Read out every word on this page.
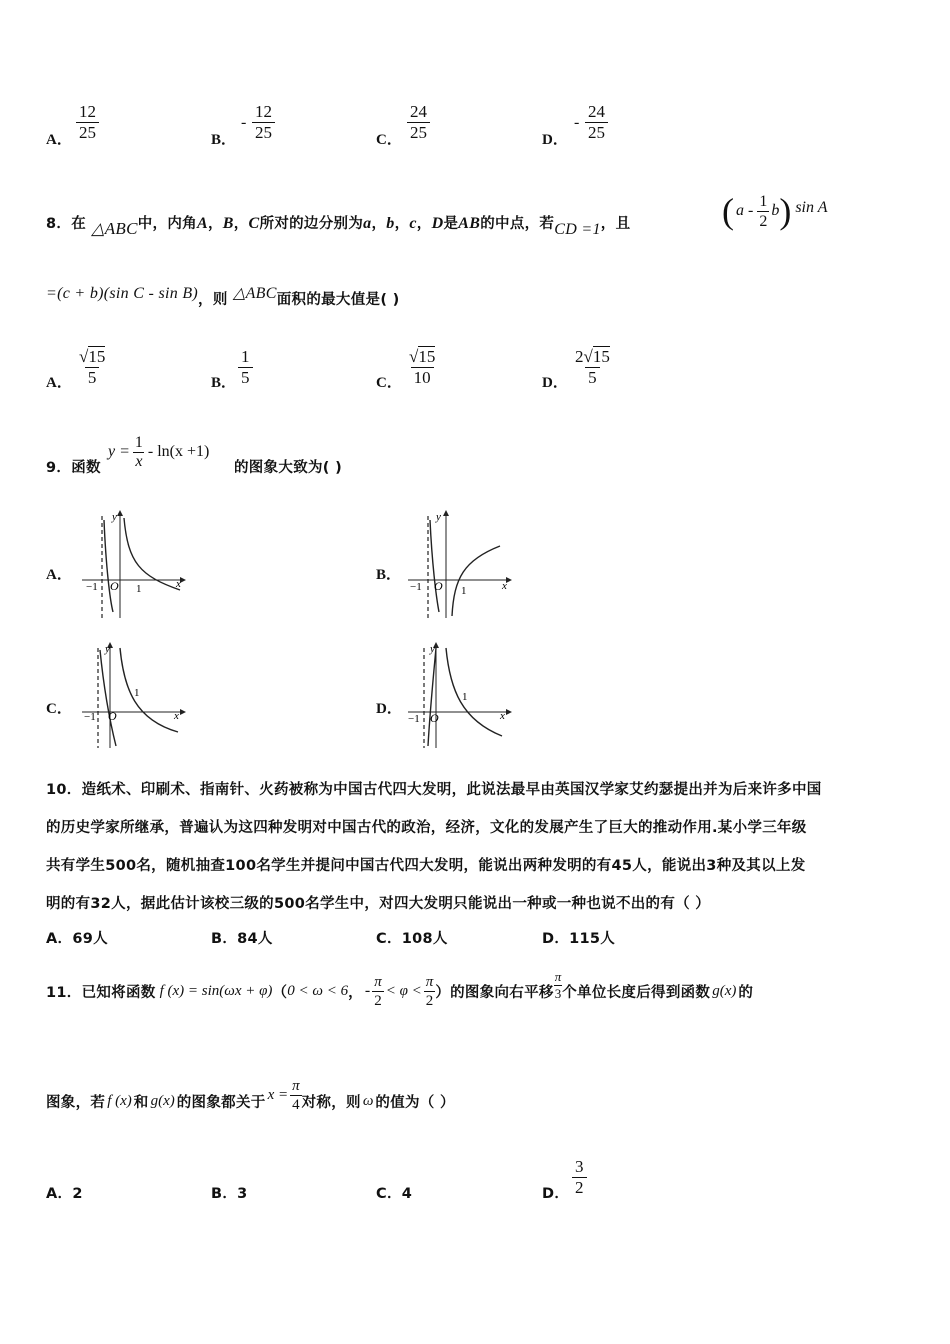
A． $\frac{12}{25}$	B．
- $\frac{12}{25}$	C． $\frac{24}{25}$	D．
- $\frac{24}{25}$
8．在 △ABC中，内角A，B，C所对的边分别为a，b，c，D是AB的中点，若CD =1，且	( a -
1
2
b ) sin A
=(c + b)(sin C - sin B)，则 △ABC面积的最大值是( )
A． $\frac{√15}{5}$	B． $\frac{1}{5}$	C． $\frac{√15}{10}$	D． $\frac{2√15}{5}$
9．函数
$y = \frac{1}{x} - \ln(x +1)$
的图象大致为( )
A．
y
x
O
−1	1
B．
y
x
O
−1	1
C．
y
x
O
−1
1
D．
y
x
O
−1
1
10．造纸术、印刷术、指南针、火药被称为中国古代四大发明，此说法最早由英国汉学家艾约瑟提出并为后来许多中国
的历史学家所继承，普遍认为这四种发明对中国古代的政治，经济，文化的发展产生了巨大的推动作用.某小学三年级
共有学生500名，随机抽查100名学生并提问中国古代四大发明，能说出两种发明的有45人，能说出3种及其以上发
明的有32人，据此估计该校三级的500名学生中，对四大发明只能说出一种或一种也说不出的有（ ）
A．69人	B．84人	C．108人	D．115人
11．已知将函数 f (x) = sin(ωx + φ) （ 0 < ω < 6 ， -
π
2
< φ <
π
2 ）的图象向右平移
π
3 个单位长度后得到函数 g(x) 的
图象，若 f (x) 和 g(x) 的图象都关于 $x = \frac{\pi}{4}$ 对称，则 ω 的值为（ ）
A．2	B．3	C．4	D． $\frac{3}{2}$
